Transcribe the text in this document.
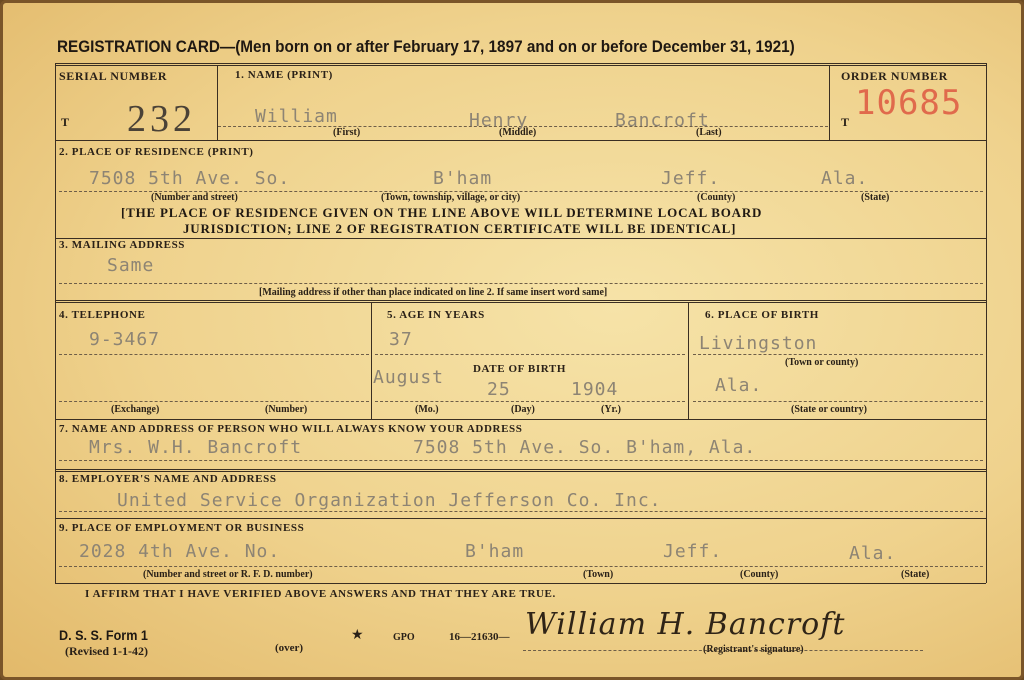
REGISTRATION CARD—(Men born on or after February 17, 1897 and on or before December 31, 1921)
SERIAL NUMBER
T 232
1. NAME (PRINT)
William	Henry	Bancroft
(First)	(Middle)	(Last)
ORDER NUMBER
T 10685
2. PLACE OF RESIDENCE (PRINT)
7508 5th Ave. So.	B'ham	Jeff.	Ala.
(Number and street)	(Town, township, village, or city)	(County)	(State)
[THE PLACE OF RESIDENCE GIVEN ON THE LINE ABOVE WILL DETERMINE LOCAL BOARD
JURISDICTION; LINE 2 OF REGISTRATION CERTIFICATE WILL BE IDENTICAL]
3. MAILING ADDRESS
Same
[Mailing address if other than place indicated on line 2. If same insert word same]
4. TELEPHONE
9-3467
(Exchange)	(Number)
5. AGE IN YEARS
37
DATE OF BIRTH
August
25	1904
(Mo.)	(Day)	(Yr.)
6. PLACE OF BIRTH
Livingston
(Town or county)
Ala.
(State or country)
7. NAME AND ADDRESS OF PERSON WHO WILL ALWAYS KNOW YOUR ADDRESS
Mrs. W.H. Bancroft	7508 5th Ave. So. B'ham, Ala.
8. EMPLOYER'S NAME AND ADDRESS
United Service Organization Jefferson Co. Inc.
9. PLACE OF EMPLOYMENT OR BUSINESS
2028 4th Ave. No.	B'ham	Jeff.	Ala.
(Number and street or R. F. D. number)	(Town)	(County)	(State)
I AFFIRM THAT I HAVE VERIFIED ABOVE ANSWERS AND THAT THEY ARE TRUE.
D. S. S. Form 1
(Revised 1-1-42)	(over)
★	GPO	16—21630— William H. Bancroft
(Registrant's signature)
